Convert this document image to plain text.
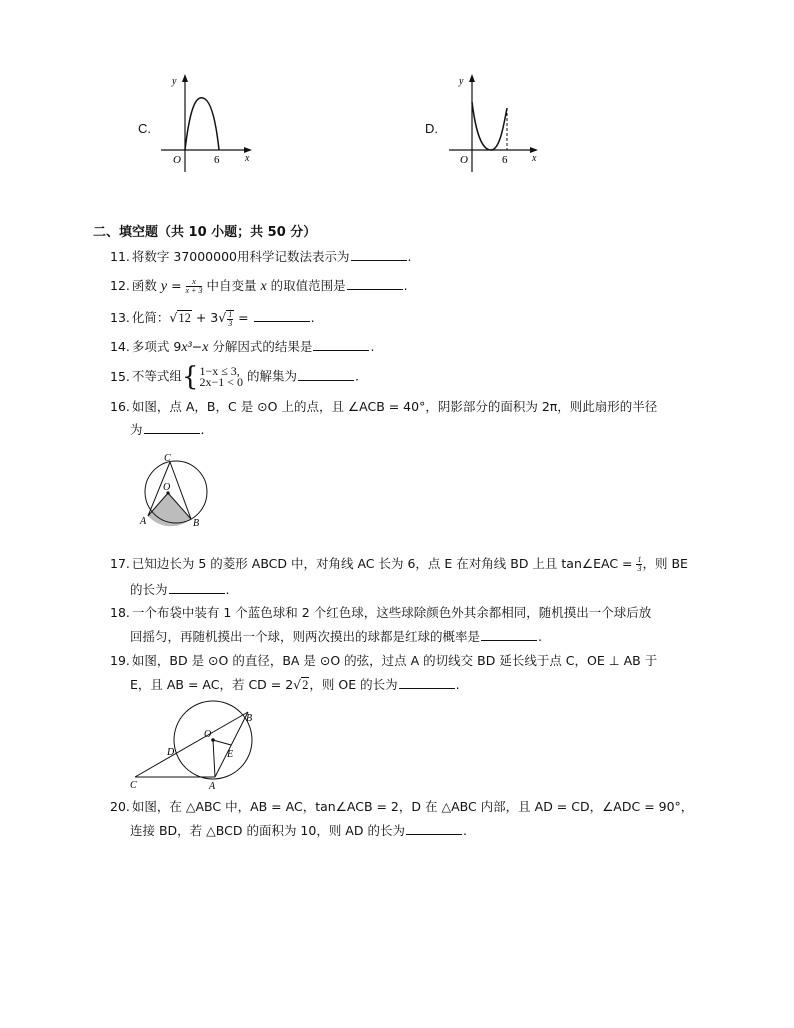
C.
y
x
O	6
D.
y
x
O	6
二、填空题（共 10 小题；共 50 分）
11. 将数字 37000000用科学记数法表示为	.
12. 函数 $y = \frac{x}{x + 3}$ 中自变量 x 的取值范围是	.
13. 化简：$√12 + 3√ \frac{1}{3}$ =	.
14. 多项式 9x³−x 分解因式的结果是	.
15. 不等式组 { 1−x ≤ 3,
2x−1 < 0 的解集为	.
16. 如图，点 A，B，C 是 ⊙O 上的点，且 ∠ACB = 40°，阴影部分的面积为 2π，则此扇形的半径
为	.
C
O
A	B
17. 已知边长为 5 的菱形 ABCD 中，对角线 AC 长为 6，点 E 在对角线 BD 上且 tan∠EAC = $\frac{1}{3}$ ，则 BE
的长为	.
18. 一个布袋中装有 1 个蓝色球和 2 个红色球，这些球除颜色外其余都相同，随机摸出一个球后放
回摇匀，再随机摸出一个球，则两次摸出的球都是红球的概率是	.
19. 如图，BD 是 ⊙O 的直径，BA 是 ⊙O 的弦，过点 A 的切线交 BD 延长线于点 C，OE ⊥ AB 于
E，且 AB = AC，若 CD = 2√2，则 OE 的长为	.
B
O
D	E
C	A
20. 如图，在 △ABC 中，AB = AC，tan∠ACB = 2，D 在 △ABC 内部，且 AD = CD，∠ADC = 90°，
连接 BD，若 △BCD 的面积为 10，则 AD 的长为	.
